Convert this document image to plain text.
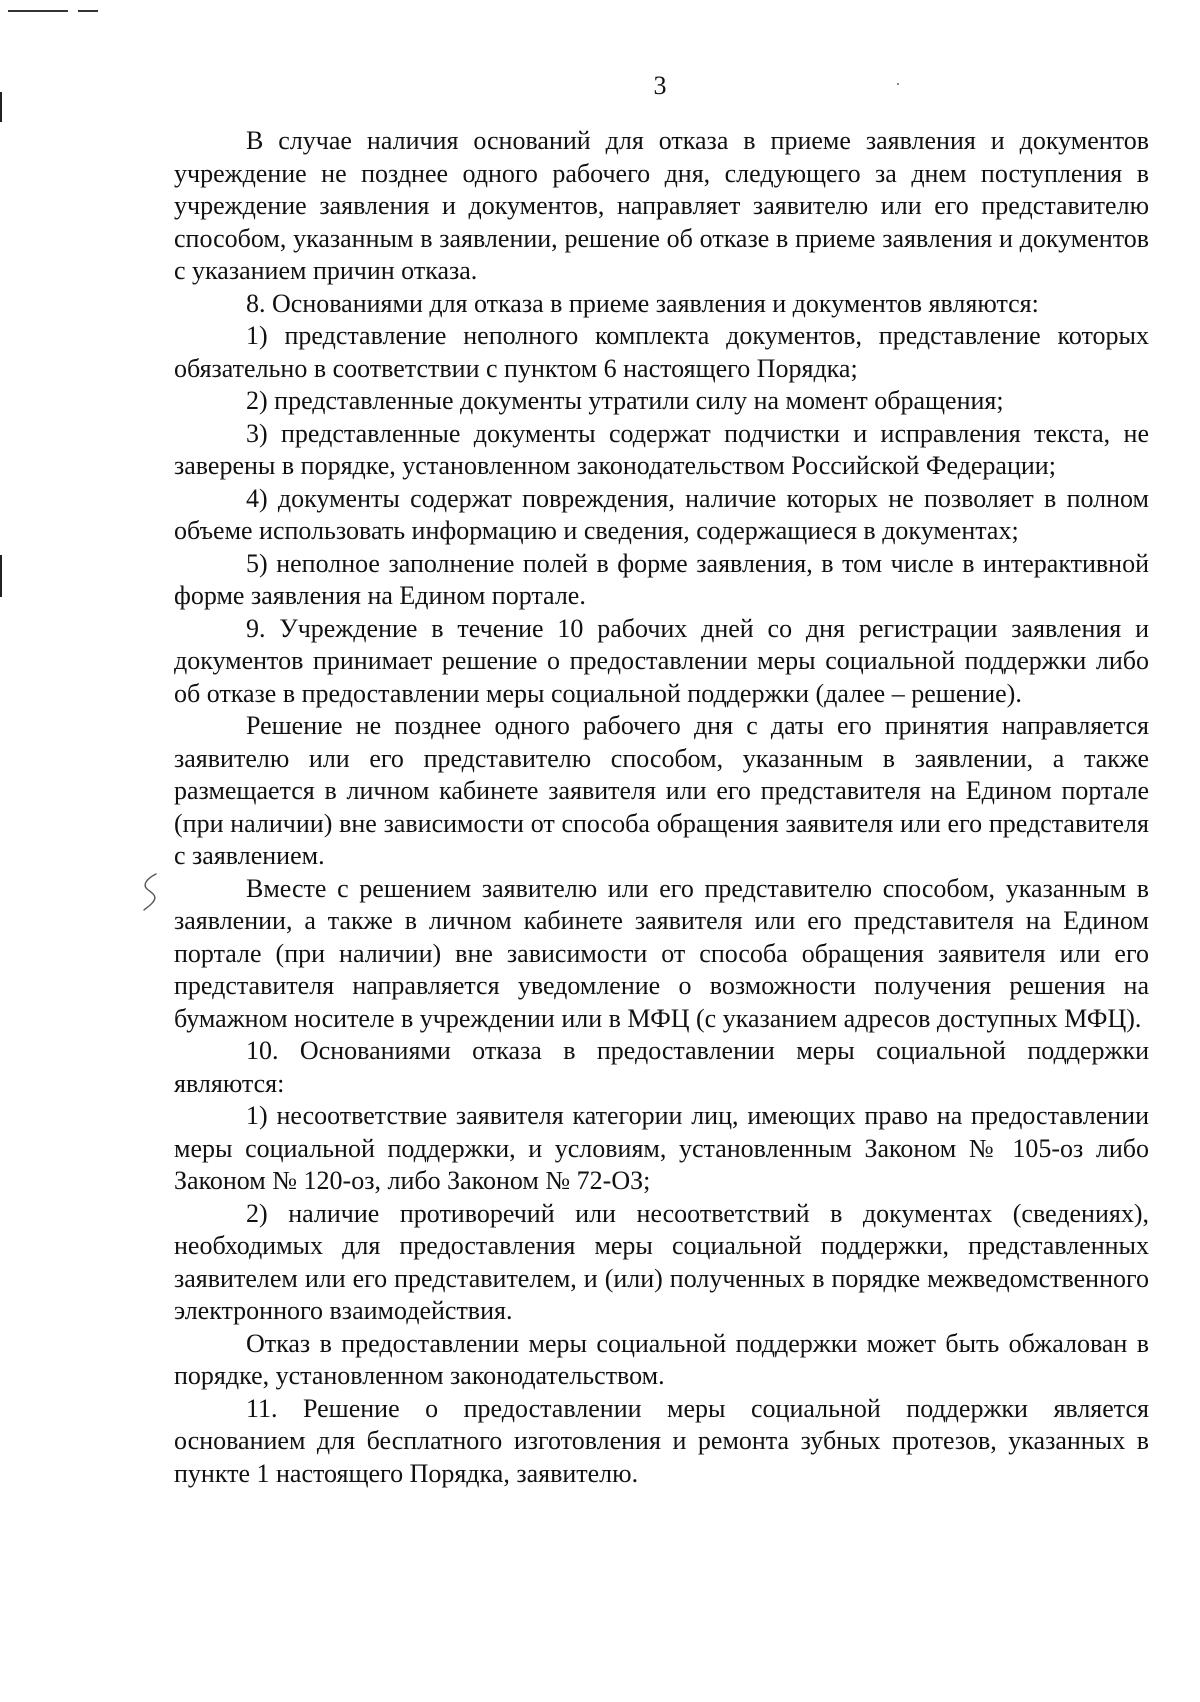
3

В случае наличия оснований для отказа в приеме заявления и документов учреждение не позднее одного рабочего дня, следующего за днем поступления в учреждение заявления и документов, направляет заявителю или его представителю способом, указанным в заявлении, решение об отказе в приеме заявления и документов с указанием причин отказа.

8. Основаниями для отказа в приеме заявления и документов являются:

1) представление неполного комплекта документов, представление которых обязательно в соответствии с пунктом 6 настоящего Порядка;

2) представленные документы утратили силу на момент обращения;

3) представленные документы содержат подчистки и исправления текста, не заверены в порядке, установленном законодательством Российской Федерации;

4) документы содержат повреждения, наличие которых не позволяет в полном объеме использовать информацию и сведения, содержащиеся в документах;

5) неполное заполнение полей в форме заявления, в том числе в интерактивной форме заявления на Едином портале.

9. Учреждение в течение 10 рабочих дней со дня регистрации заявления и документов принимает решение о предоставлении меры социальной поддержки либо об отказе в предоставлении меры социальной поддержки (далее – решение).

Решение не позднее одного рабочего дня с даты его принятия направляется заявителю или его представителю способом, указанным в заявлении, а также размещается в личном кабинете заявителя или его представителя на Едином портале (при наличии) вне зависимости от способа обращения заявителя или его представителя с заявлением.

Вместе с решением заявителю или его представителю способом, указанным в заявлении, а также в личном кабинете заявителя или его представителя на Едином портале (при наличии) вне зависимости от способа обращения заявителя или его представителя направляется уведомление о возможности получения решения на бумажном носителе в учреждении или в МФЦ (с указанием адресов доступных МФЦ).

10. Основаниями отказа в предоставлении меры социальной поддержки являются:

1) несоответствие заявителя категории лиц, имеющих право на предоставлении меры социальной поддержки, и условиям, установленным Законом № 105-оз либо Законом № 120-оз, либо Законом № 72-ОЗ;

2) наличие противоречий или несоответствий в документах (сведениях), необходимых для предоставления меры социальной поддержки, представленных заявителем или его представителем, и (или) полученных в порядке межведомственного электронного взаимодействия.

Отказ в предоставлении меры социальной поддержки может быть обжалован в порядке, установленном законодательством.

11. Решение о предоставлении меры социальной поддержки является основанием для бесплатного изготовления и ремонта зубных протезов, указанных в пункте 1 настоящего Порядка, заявителю.
